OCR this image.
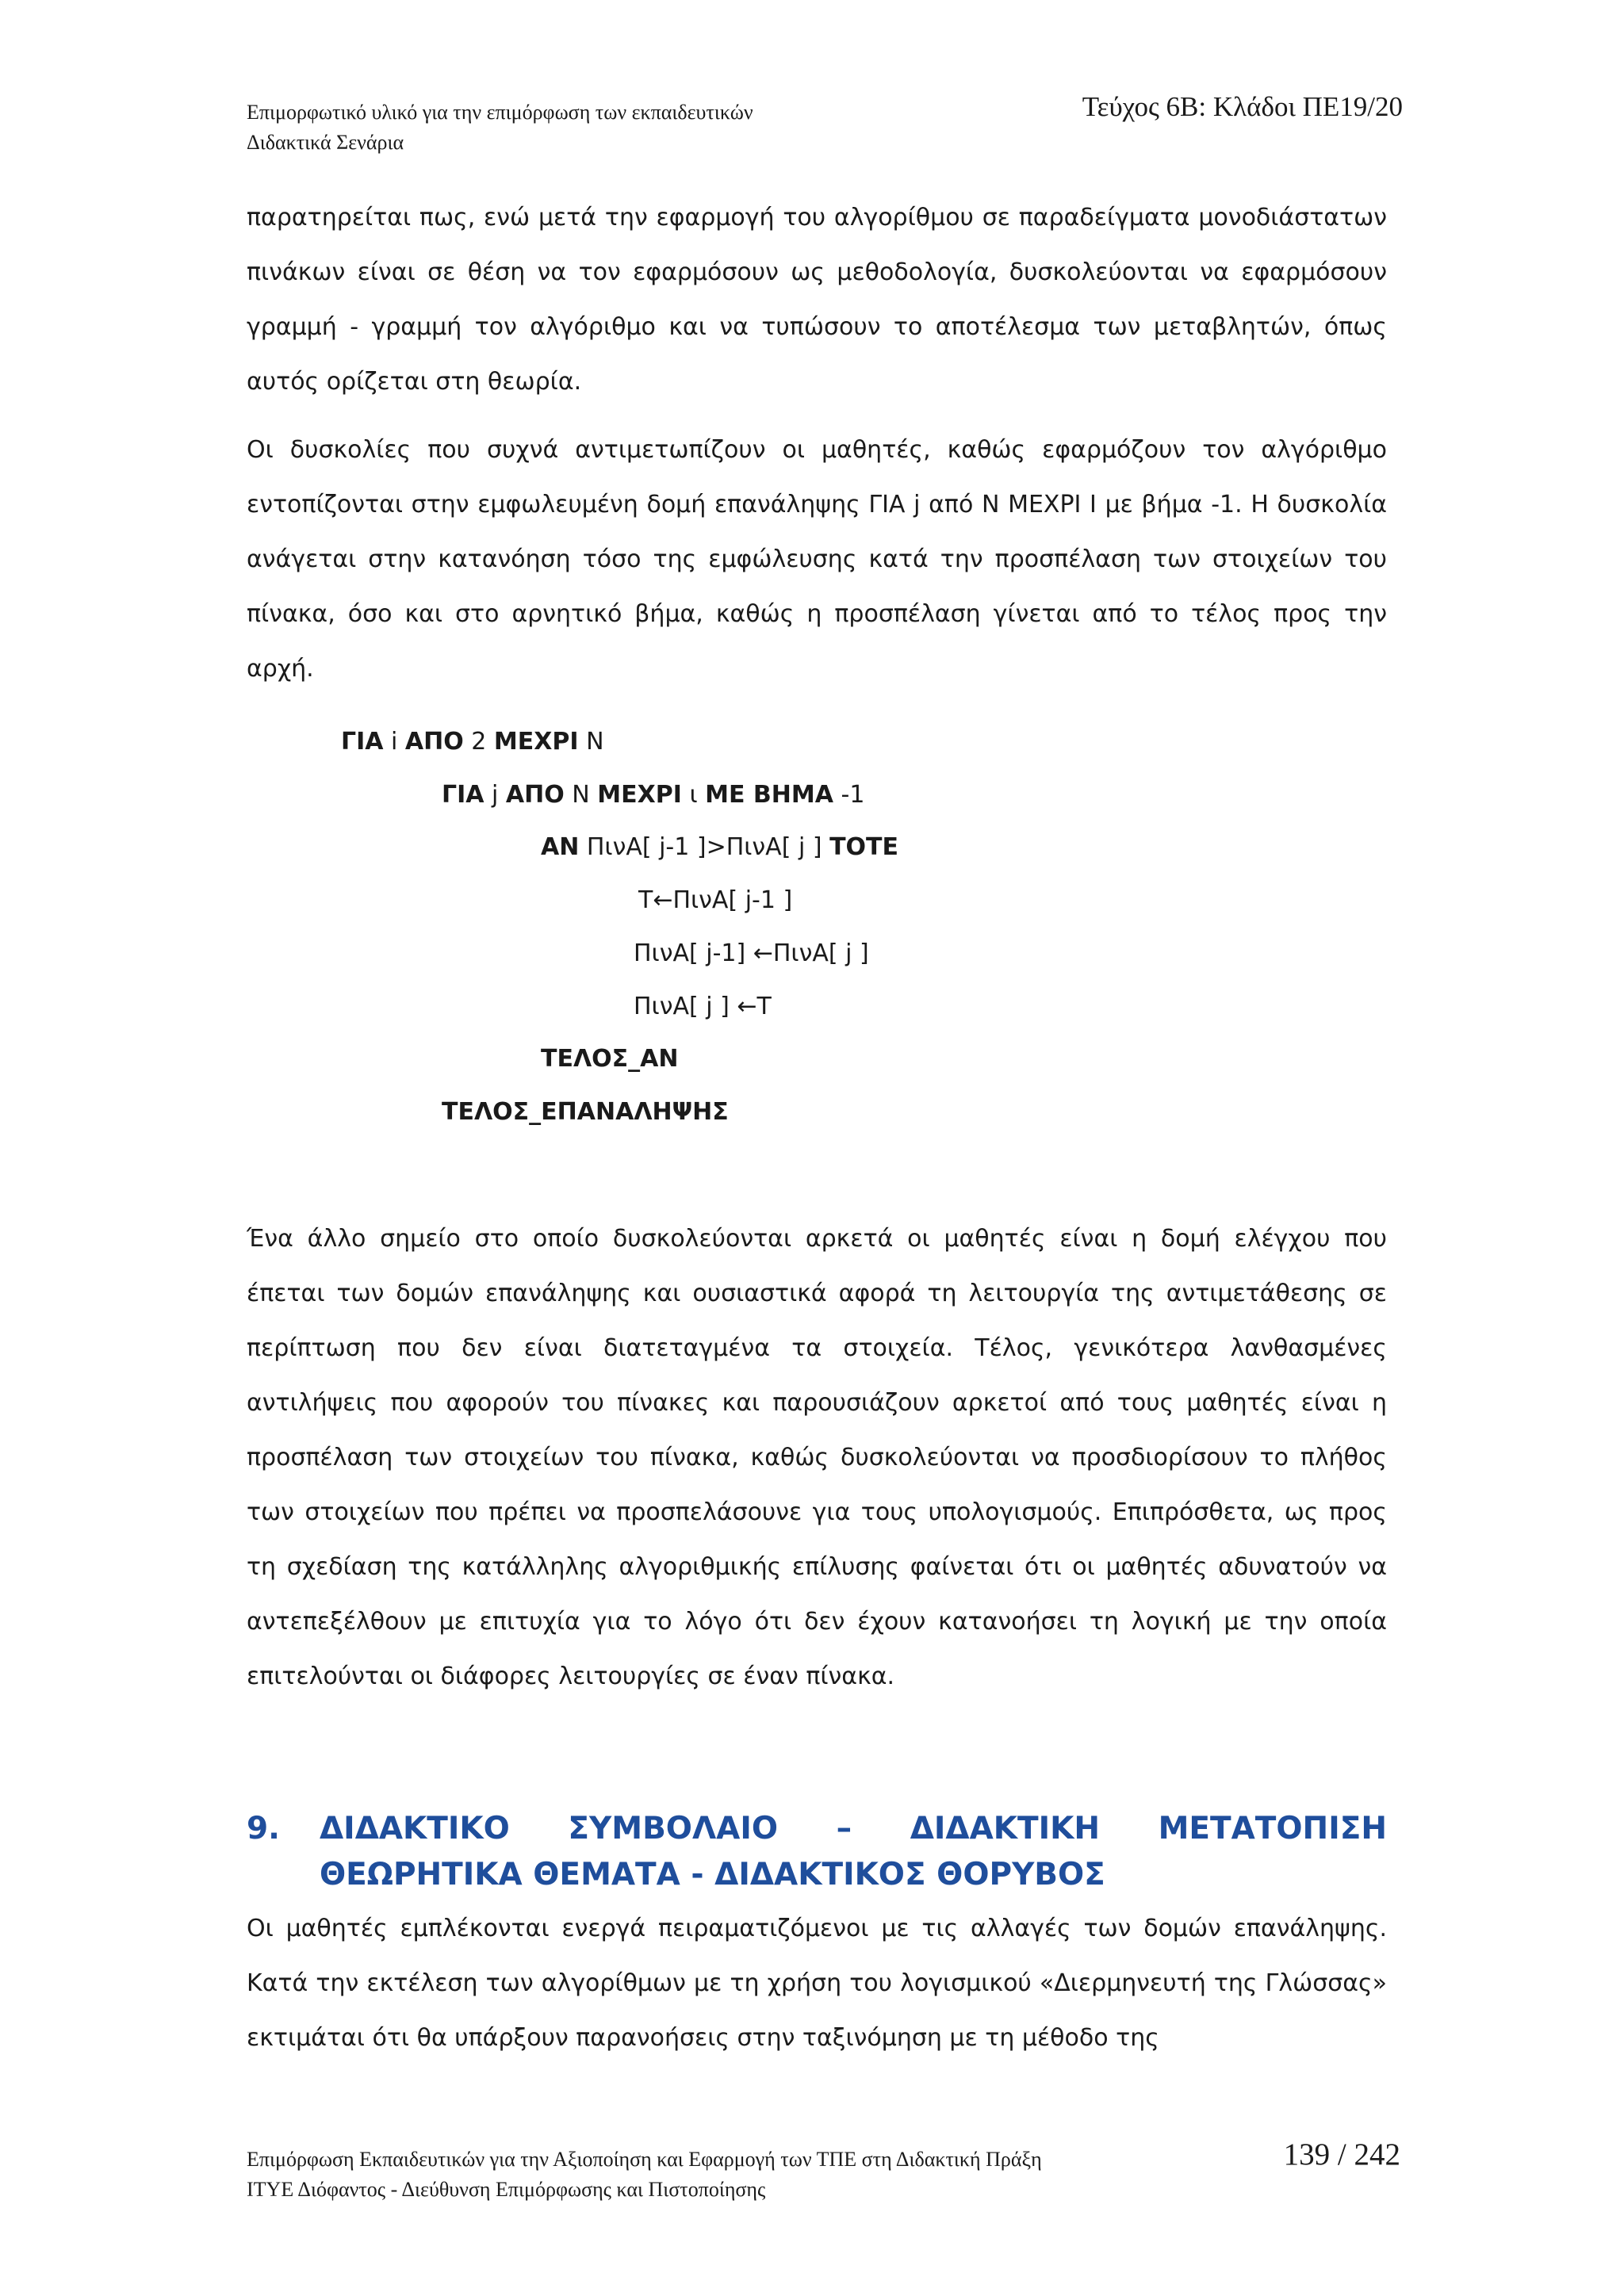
Επιμορφωτικό υλικό για την επιμόρφωση των εκπαιδευτικών
Διδακτικά Σενάρια
Τεύχος 6Β: Κλάδοι ΠΕ19/20

παρατηρείται πως, ενώ μετά την εφαρμογή του αλγορίθμου σε παραδείγματα μονοδιάστατων πινάκων είναι σε θέση να τον εφαρμόσουν ως μεθοδολογία, δυσκολεύονται να εφαρμόσουν γραμμή - γραμμή τον αλγόριθμο και να τυπώσουν το αποτέλεσμα των μεταβλητών, όπως αυτός ορίζεται στη θεωρία.

Οι δυσκολίες που συχνά αντιμετωπίζουν οι μαθητές, καθώς εφαρμόζουν τον αλγόριθμο εντοπίζονται στην εμφωλευμένη δομή επανάληψης ΓΙΑ j από Ν ΜΕΧΡΙ Ι με βήμα -1. Η δυσκολία ανάγεται στην κατανόηση τόσο της εμφώλευσης κατά την προσπέλαση των στοιχείων του πίνακα, όσο και στο αρνητικό βήμα, καθώς η προσπέλαση γίνεται από το τέλος προς την αρχή.

ΓΙΑ i ΑΠΟ 2 ΜΕΧΡΙ Ν
ΓΙΑ j ΑΠΟ Ν ΜΕΧΡΙ ι ΜΕ ΒΗΜΑ -1
ΑΝ ΠινΑ[ j-1 ]>ΠινΑ[ j ] ΤΟΤΕ
Τ←ΠινΑ[ j-1 ]
ΠινΑ[ j-1] ←ΠινΑ[ j ]
ΠινΑ[ j ] ←Τ
ΤΕΛΟΣ_ΑΝ
ΤΕΛΟΣ_ΕΠΑΝΑΛΗΨΗΣ

Ένα άλλο σημείο στο οποίο δυσκολεύονται αρκετά οι μαθητές είναι η δομή ελέγχου που έπεται των δομών επανάληψης και ουσιαστικά αφορά τη λειτουργία της αντιμετάθεσης σε περίπτωση που δεν είναι διατεταγμένα τα στοιχεία. Τέλος, γενικότερα λανθασμένες αντιλήψεις που αφορούν του πίνακες και παρουσιάζουν αρκετοί από τους μαθητές είναι η προσπέλαση των στοιχείων του πίνακα, καθώς δυσκολεύονται να προσδιορίσουν το πλήθος των στοιχείων που πρέπει να προσπελάσουνε για τους υπολογισμούς. Επιπρόσθετα, ως προς τη σχεδίαση της κατάλληλης αλγοριθμικής επίλυσης φαίνεται ότι οι μαθητές αδυνατούν να αντεπεξέλθουν με επιτυχία για το λόγο ότι δεν έχουν κατανοήσει τη λογική με την οποία επιτελούνται οι διάφορες λειτουργίες σε έναν πίνακα.

9. ΔΙΔΑΚΤΙΚΟ ΣΥΜΒΟΛΑΙΟ – ΔΙΔΑΚΤΙΚΗ ΜΕΤΑΤΟΠΙΣΗ ΘΕΩΡΗΤΙΚΑ ΘΕΜΑΤΑ - ΔΙΔΑΚΤΙΚΟΣ ΘΟΡΥΒΟΣ

Οι μαθητές εμπλέκονται ενεργά πειραματιζόμενοι με τις αλλαγές των δομών επανάληψης. Κατά την εκτέλεση των αλγορίθμων με τη χρήση του λογισμικού «Διερμηνευτή της Γλώσσας» εκτιμάται ότι θα υπάρξουν παρανοήσεις στην ταξινόμηση με τη μέθοδο της

Επιμόρφωση Εκπαιδευτικών για την Αξιοποίηση και Εφαρμογή των ΤΠΕ στη Διδακτική Πράξη
ΙΤΥΕ Διόφαντος - Διεύθυνση Επιμόρφωσης και Πιστοποίησης
139 / 242
